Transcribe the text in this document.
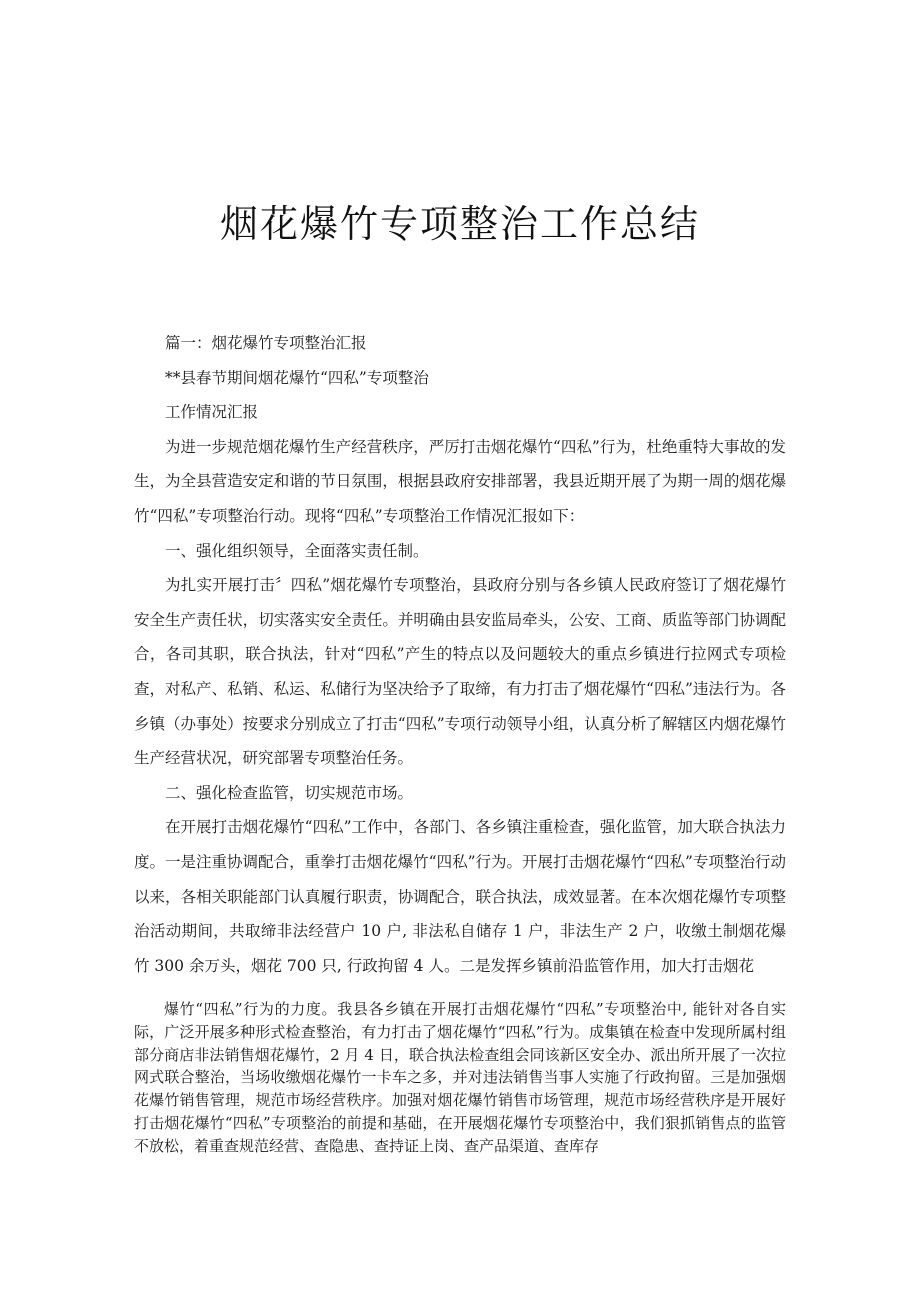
烟花爆竹专项整治工作总结

篇一：烟花爆竹专项整治汇报

**县春节期间烟花爆竹“四私”专项整治

工作情况汇报

为进一步规范烟花爆竹生产经营秩序，严厉打击烟花爆竹“四私”行为，杜绝重特大事故的发生，为全县营造安定和谐的节日氛围，根据县政府安排部署，我县近期开展了为期一周的烟花爆竹“四私”专项整治行动。现将“四私”专项整治工作情况汇报如下：

一、强化组织领导，全面落实责任制。

为扎实开展打击〞四私”烟花爆竹专项整治，县政府分别与各乡镇人民政府签订了烟花爆竹安全生产责任状，切实落实安全责任。并明确由县安监局牵头，公安、工商、质监等部门协调配合，各司其职，联合执法，针对“四私”产生的特点以及问题较大的重点乡镇进行拉网式专项检查，对私产、私销、私运、私储行为坚决给予了取缔，有力打击了烟花爆竹“四私”违法行为。各乡镇（办事处）按要求分别成立了打击“四私”专项行动领导小组，认真分析了解辖区内烟花爆竹生产经营状况，研究部署专项整治任务。

二、强化检查监管，切实规范市场。

在开展打击烟花爆竹“四私”工作中，各部门、各乡镇注重检查，强化监管，加大联合执法力度。一是注重协调配合，重拳打击烟花爆竹“四私”行为。开展打击烟花爆竹“四私”专项整治行动以来，各相关职能部门认真履行职责，协调配合，联合执法，成效显著。在本次烟花爆竹专项整治活动期间，共取缔非法经营户 10 户, 非法私自储存 1 户，非法生产 2 户，收缴土制烟花爆竹 300 余万头，烟花 700 只, 行政拘留 4 人。二是发挥乡镇前沿监管作用，加大打击烟花

爆竹“四私”行为的力度。我县各乡镇在开展打击烟花爆竹“四私”专项整治中, 能针对各自实际，广泛开展多种形式检查整治，有力打击了烟花爆竹“四私”行为。成集镇在检查中发现所属村组部分商店非法销售烟花爆竹，2 月 4 日，联合执法检查组会同该新区安全办、派出所开展了一次拉网式联合整治，当场收缴烟花爆竹一卡车之多，并对违法销售当事人实施了行政拘留。三是加强烟花爆竹销售管理，规范市场经营秩序。加强对烟花爆竹销售市场管理，规范市场经营秩序是开展好打击烟花爆竹“四私”专项整治的前提和基础，在开展烟花爆竹专项整治中，我们狠抓销售点的监管不放松，着重查规范经营、查隐患、查持证上岗、查产品渠道、查库存
